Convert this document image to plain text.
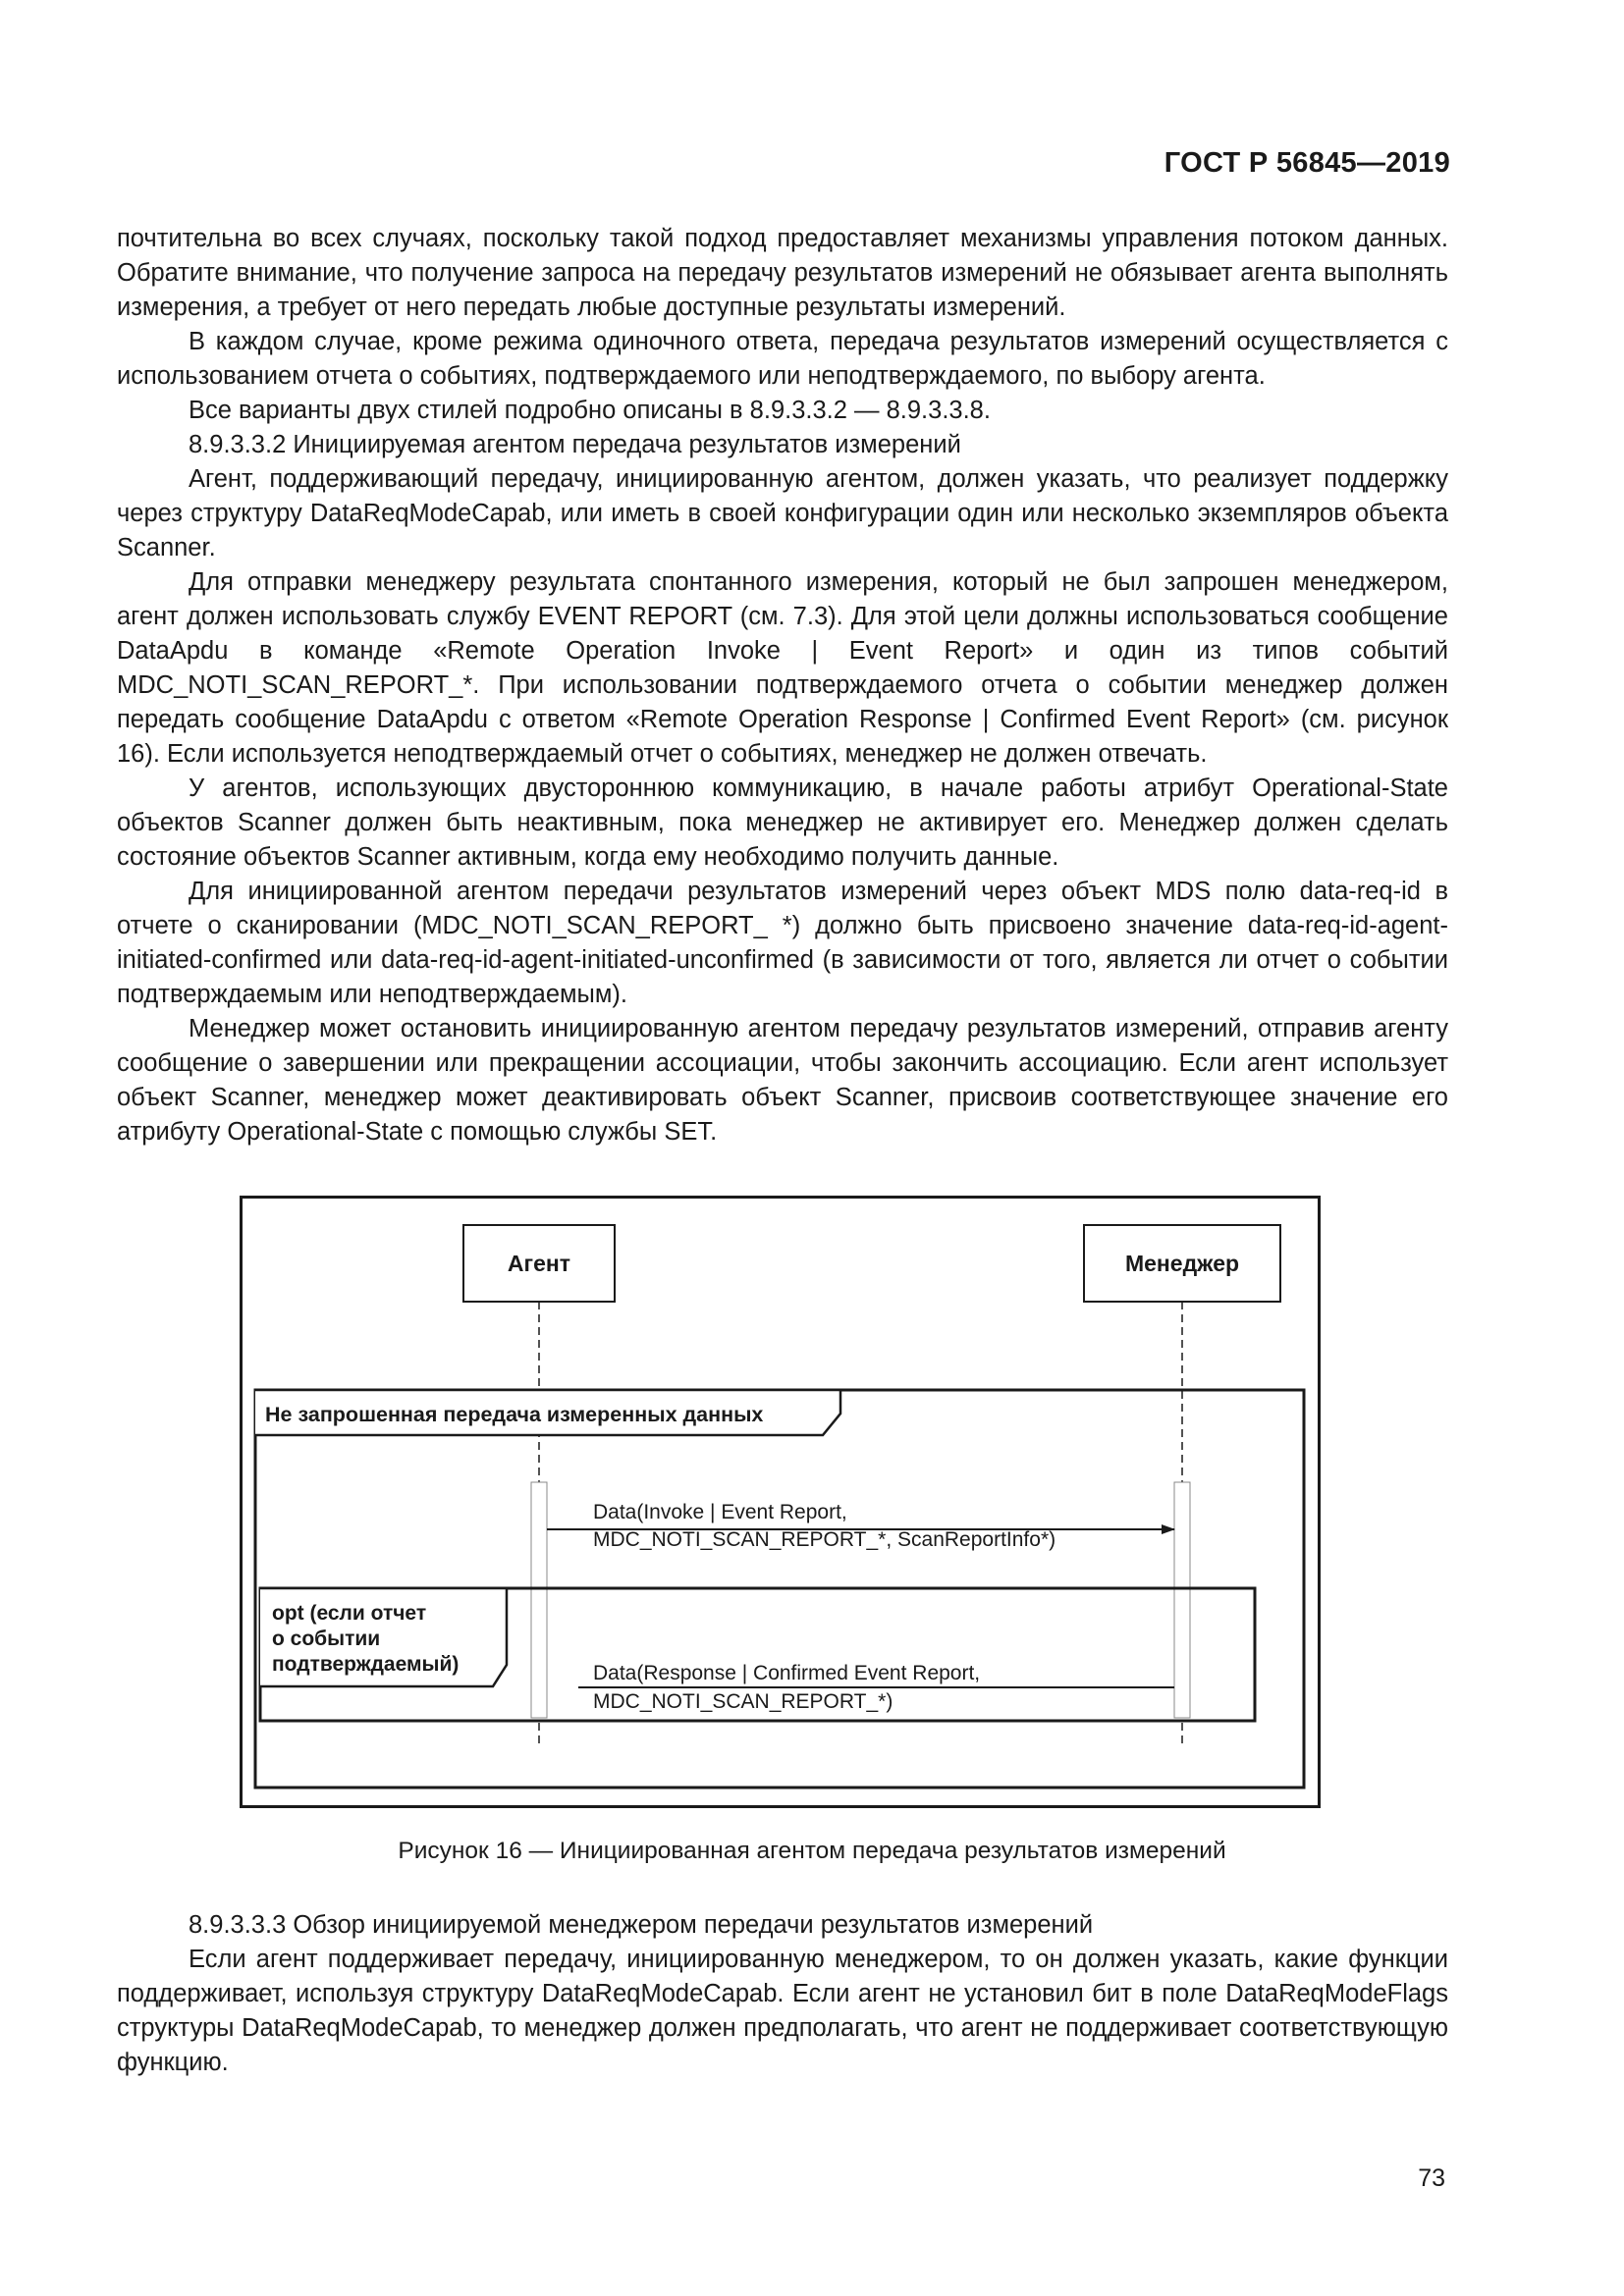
ГОСТ Р 56845—2019

почтительна во всех случаях, поскольку такой подход предоставляет механизмы управления потоком данных. Обратите внимание, что получение запроса на передачу результатов измерений не обязывает агента выполнять измерения, а требует от него передать любые доступные результаты измерений.

В каждом случае, кроме режима одиночного ответа, передача результатов измерений осуществляется с использованием отчета о событиях, подтверждаемого или неподтверждаемого, по выбору агента.

Все варианты двух стилей подробно описаны в 8.9.3.3.2 — 8.9.3.3.8.

8.9.3.3.2 Инициируемая агентом передача результатов измерений

Агент, поддерживающий передачу, инициированную агентом, должен указать, что реализует поддержку через структуру DataReqModeCapab, или иметь в своей конфигурации один или несколько экземпляров объекта Scanner.

Для отправки менеджеру результата спонтанного измерения, который не был запрошен менеджером, агент должен использовать службу EVENT REPORT (см. 7.3). Для этой цели должны использоваться сообщение DataApdu в команде «Remote Operation Invoke | Event Report» и один из типов событий MDC_NOTI_SCAN_REPORT_*. При использовании подтверждаемого отчета о событии менеджер должен передать сообщение DataApdu с ответом «Remote Operation Response | Confirmed Event Report» (см. рисунок 16). Если используется неподтверждаемый отчет о событиях, менеджер не должен отвечать.

У агентов, использующих двустороннюю коммуникацию, в начале работы атрибут Operational-State объектов Scanner должен быть неактивным, пока менеджер не активирует его. Менеджер должен сделать состояние объектов Scanner активным, когда ему необходимо получить данные.

Для инициированной агентом передачи результатов измерений через объект MDS полю data-req-id в отчете о сканировании (MDC_NOTI_SCAN_REPORT_ *) должно быть присвоено значение data-req-id-agent-initiated-confirmed или data-req-id-agent-initiated-unconfirmed (в зависимости от того, является ли отчет о событии подтверждаемым или неподтверждаемым).

Менеджер может остановить инициированную агентом передачу результатов измерений, отправив агенту сообщение о завершении или прекращении ассоциации, чтобы закончить ассоциацию. Если агент использует объект Scanner, менеджер может деактивировать объект Scanner, присвоив соответствующее значение его атрибуту Operational-State с помощью службы SET.

Агент	Менеджер
Не запрошенная передача измеренных данных
Data(Invoke | Event Report,
MDC_NOTI_SCAN_REPORT_*, ScanReportInfo*)
opt (если отчет
о событии
подтверждаемый)	Data(Response | Confirmed Event Report,
MDC_NOTI_SCAN_REPORT_*)
Рисунок 16 — Инициированная агентом передача результатов измерений

8.9.3.3.3 Обзор инициируемой менеджером передачи результатов измерений

Если агент поддерживает передачу, инициированную менеджером, то он должен указать, какие функции поддерживает, используя структуру DataReqModeCapab. Если агент не установил бит в поле DataReqModeFlags структуры DataReqModeCapab, то менеджер должен предполагать, что агент не поддерживает соответствующую функцию.

73
